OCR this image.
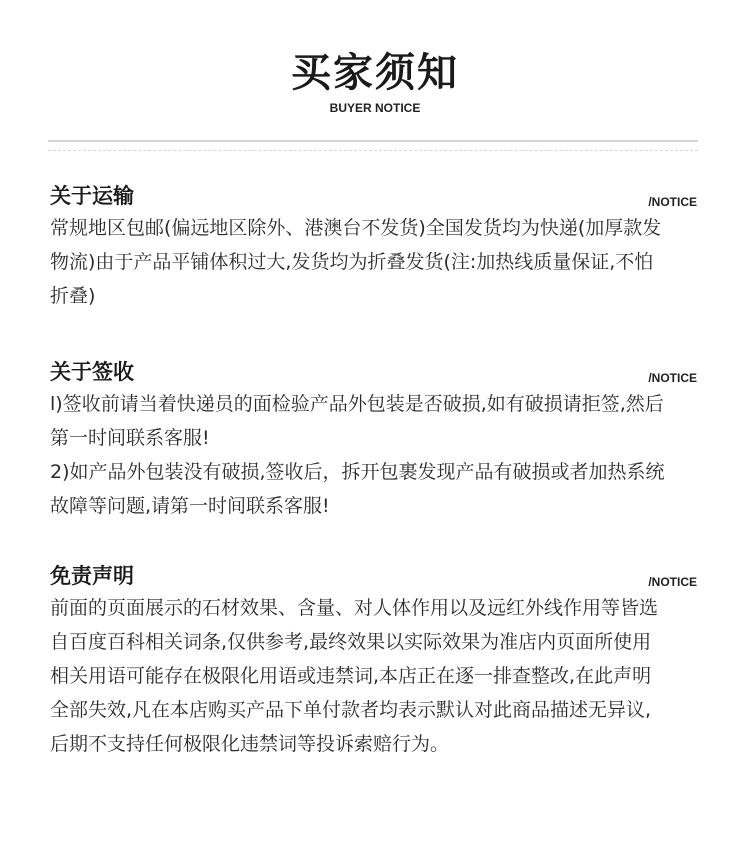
买家须知
BUYER NOTICE
关于运输	/NOTICE
常规地区包邮(偏远地区除外、港澳台不发货)全国发货均为快递(加厚款发
物流)由于产品平铺体积过大,发货均为折叠发货(注:加热线质量保证,不怕
折叠)
关于签收	/NOTICE
l)签收前请当着快递员的面检验产品外包装是否破损,如有破损请拒签,然后
第一时间联系客服!
2)如产品外包装没有破损,签收后，拆开包裹发现产品有破损或者加热系统
故障等问题,请第一时间联系客服!
免责声明	/NOTICE
前面的页面展示的石材效果、含量、对人体作用以及远红外线作用等皆选
自百度百科相关词条,仅供参考,最终效果以实际效果为准店内页面所使用
相关用语可能存在极限化用语或违禁词,本店正在逐一排查整改,在此声明
全部失效,凡在本店购买产品下单付款者均表示默认对此商品描述无异议,
后期不支持任何极限化违禁词等投诉索赔行为。
